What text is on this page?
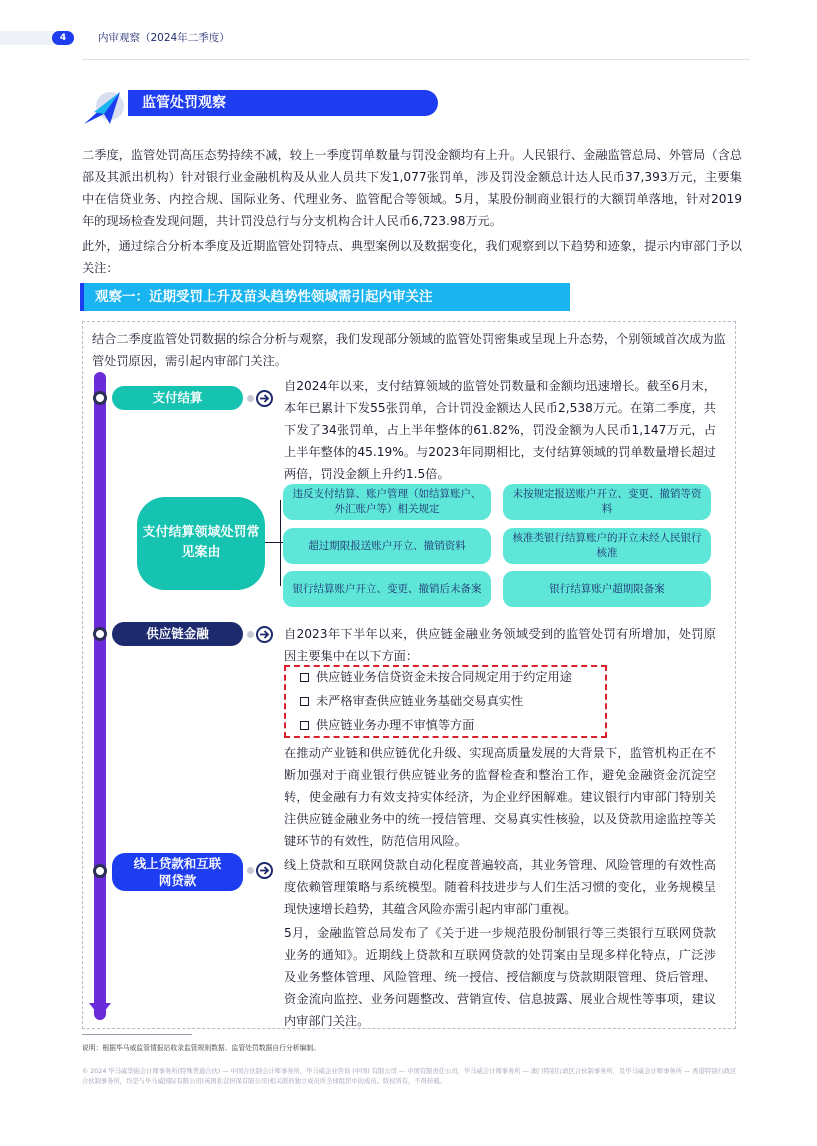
4	内审观察（2024年二季度）
监管处罚观察
二季度，监管处罚高压态势持续不减，较上一季度罚单数量与罚没金额均有上升。人民银行、金融监管总局、外管局（含总部及其派出机构）针对银行业金融机构及从业人员共下发1,077张罚单，涉及罚没金额总计达人民币37,393万元，主要集中在信贷业务、内控合规、国际业务、代理业务、监管配合等领域。5月，某股份制商业银行的大额罚单落地，针对2019年的现场检查发现问题，共计罚没总行与分支机构合计人民币6,723.98万元。
此外，通过综合分析本季度及近期监管处罚特点、典型案例以及数据变化，我们观察到以下趋势和迹象，提示内审部门予以关注：
观察一：近期受罚上升及苗头趋势性领域需引起内审关注
结合二季度监管处罚数据的综合分析与观察，我们发现部分领域的监管处罚密集或呈现上升态势，个别领域首次成为监管处罚原因，需引起内审部门关注。
支付结算
自2024年以来，支付结算领域的监管处罚数量和金额均迅速增长。截至6月末，本年已累计下发55张罚单，合计罚没金额达人民币2,538万元。在第二季度，共下发了34张罚单，占上半年整体的61.82%，罚没金额为人民币1,147万元，占上半年整体的45.19%。与2023年同期相比，支付结算领域的罚单数量增长超过两倍，罚没金额上升约1.5倍。
支付结算领域处罚常见案由
违反支付结算、账户管理（如结算账户、外汇账户等）相关规定
未按规定报送账户开立、变更、撤销等资料
超过期限报送账户开立、撤销资料
核准类银行结算账户的开立未经人民银行核准
银行结算账户开立、变更、撤销后未备案	银行结算账户超期限备案
供应链金融	自2023年下半年以来，供应链金融业务领域受到的监管处罚有所增加，处罚原因主要集中在以下方面：
供应链业务信贷资金未按合同规定用于约定用途
未严格审查供应链业务基础交易真实性
供应链业务办理不审慎等方面
在推动产业链和供应链优化升级、实现高质量发展的大背景下，监管机构正在不断加强对于商业银行供应链业务的监督检查和整治工作，避免金融资金沉淀空转，使金融有力有效支持实体经济，为企业纾困解难。建议银行内审部门特别关注供应链金融业务中的统一授信管理、交易真实性核验，以及贷款用途监控等关键环节的有效性，防范信用风险。
线上贷款和互联
网贷款
线上贷款和互联网贷款自动化程度普遍较高，其业务管理、风险管理的有效性高度依赖管理策略与系统模型。随着科技进步与人们生活习惯的变化，业务规模呈现快速增长趋势，其蕴含风险亦需引起内审部门重视。
5月，金融监管总局发布了《关于进一步规范股份制银行等三类银行互联网贷款业务的通知》。近期线上贷款和互联网贷款的处罚案由呈现多样化特点，广泛涉及业务整体管理、风险管理、统一授信、授信额度与贷款期限管理、贷后管理、资金流向监控、业务问题整改、营销宣传、信息披露、展业合规性等事项，建议内审部门关注。
说明：根据毕马威监管情报站收录监管规则数据、监管处罚数据自行分析编制。
© 2024 毕马威华振会计师事务所(特殊普通合伙) — 中国合伙制会计师事务所，毕马威企业咨询 (中国) 有限公司 — 中国有限责任公司，毕马威会计师事务所 — 澳门特别行政区合伙制事务所，及毕马威会计师事务所 — 香港特别行政区合伙制事务所，均是与毕马威国际有限公司(英国私营担保有限公司)相关联的独立成员所全球组织中的成员。版权所有，不得转载。
